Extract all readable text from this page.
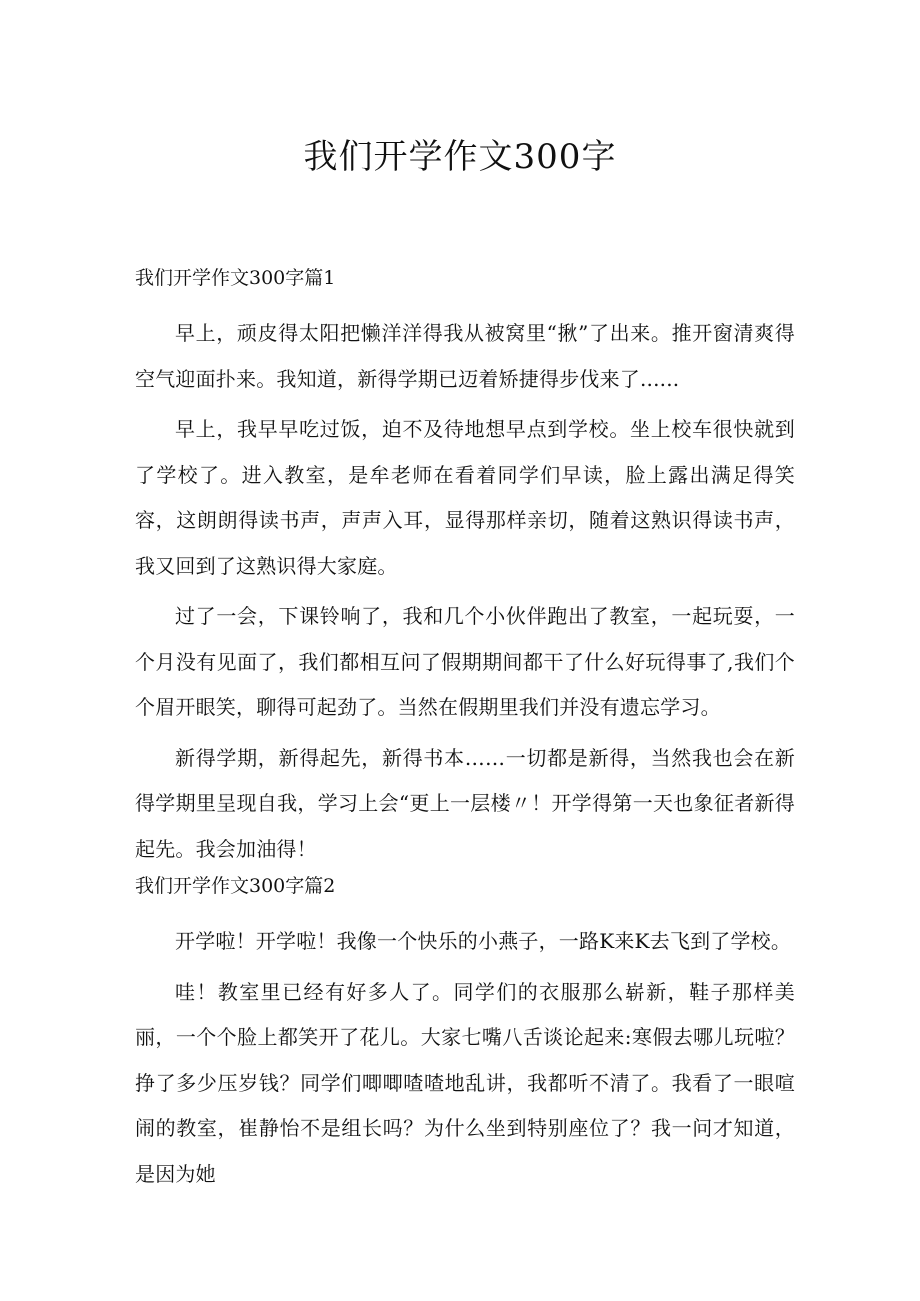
我们开学作文300字
我们开学作文300字篇1

早上，顽皮得太阳把懒洋洋得我从被窝里“揪”了出来。推开窗清爽得空气迎面扑来。我知道，新得学期已迈着矫捷得步伐来了......

早上，我早早吃过饭，迫不及待地想早点到学校。坐上校车很快就到了学校了。进入教室，是牟老师在看着同学们早读，脸上露出满足得笑容，这朗朗得读书声，声声入耳，显得那样亲切，随着这熟识得读书声，我又回到了这熟识得大家庭。

过了一会，下课铃响了，我和几个小伙伴跑出了教室，一起玩耍，一个月没有见面了，我们都相互问了假期期间都干了什么好玩得事了,我们个个眉开眼笑，聊得可起劲了。当然在假期里我们并没有遗忘学习。

新得学期，新得起先，新得书本……一切都是新得，当然我也会在新得学期里呈现自我，学习上会“更上一层楼〃！开学得第一天也象征者新得起先。我会加油得！

我们开学作文300字篇2

开学啦！开学啦！我像一个快乐的小燕子，一路K来K去飞到了学校。

哇！教室里已经有好多人了。同学们的衣服那么崭新，鞋子那样美丽，一个个脸上都笑开了花儿。大家七嘴八舌谈论起来:寒假去哪儿玩啦？挣了多少压岁钱？同学们唧唧喳喳地乱讲，我都听不清了。我看了一眼喧闹的教室，崔静怡不是组长吗？为什么坐到特别座位了？我一问才知道，是因为她
